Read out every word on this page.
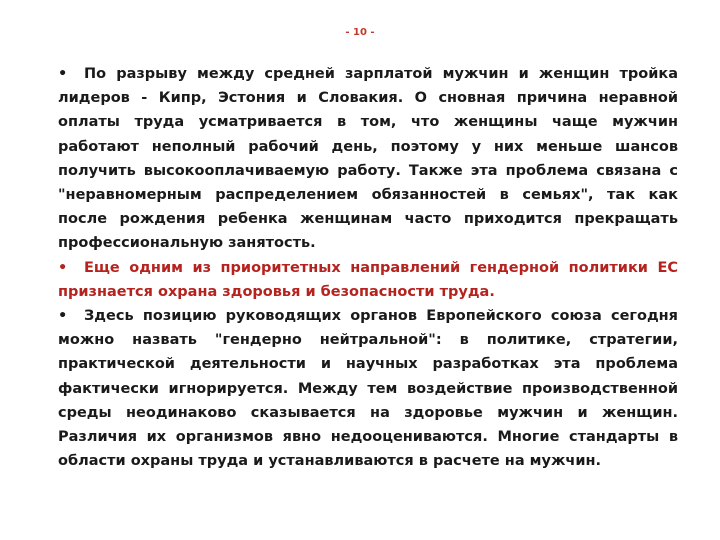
- 10 -

• По разрыву между средней зарплатой мужчин и женщин тройка лидеров - Кипр, Эстония и Словакия. О сновная причина неравной оплаты труда усматривается в том, что женщины чаще мужчин работают неполный рабочий день, поэтому у них меньше шансов получить высокооплачиваемую работу. Также эта проблема связана с "неравномерным распределением обязанностей в семьях", так как после рождения ребенка женщинам часто приходится прекращать профессиональную занятость.

• Еще одним из приоритетных направлений гендерной политики ЕС признается охрана здоровья и безопасности труда.

• Здесь позицию руководящих органов Европейского союза сегодня можно назвать "гендерно нейтральной": в политике, стратегии, практической деятельности и научных разработках эта проблема фактически игнорируется. Между тем воздействие производственной среды неодинаково сказывается на здоровье мужчин и женщин. Различия их организмов явно недооцениваются. Многие стандарты в области охраны труда и устанавливаются в расчете на мужчин.
